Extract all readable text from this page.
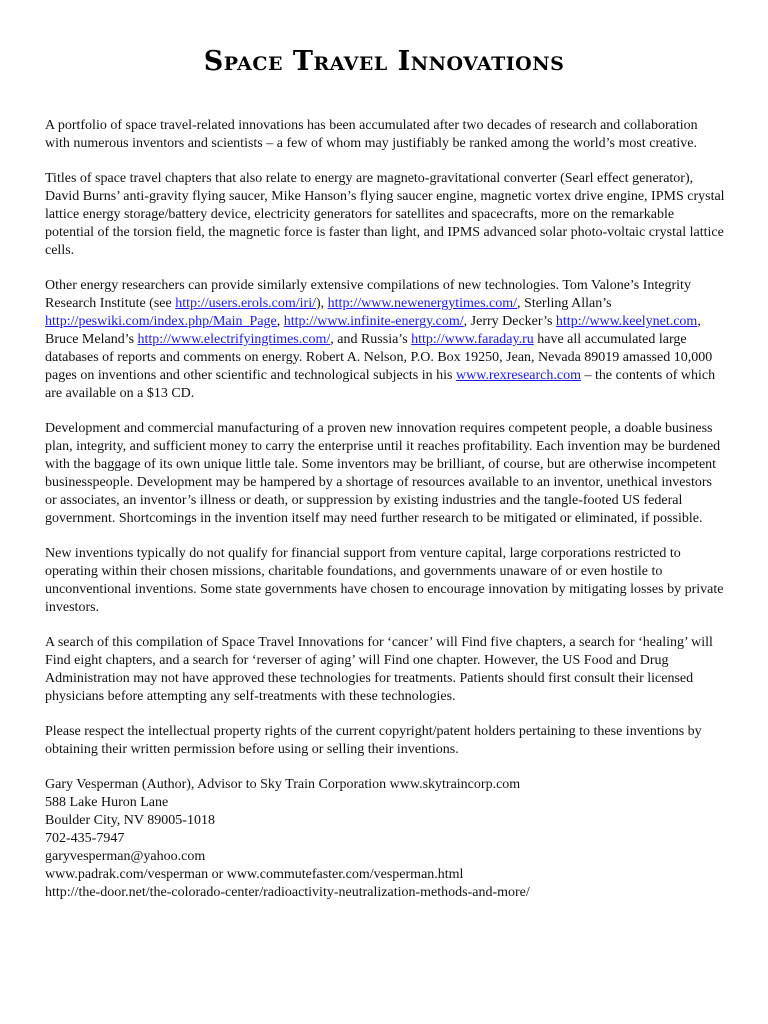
Space Travel Innovations

A portfolio of space travel-related innovations has been accumulated after two decades of research and collaboration with numerous inventors and scientists – a few of whom may justifiably be ranked among the world’s most creative.

Titles of space travel chapters that also relate to energy are magneto-gravitational converter (Searl effect generator), David Burns’ anti-gravity flying saucer, Mike Hanson’s flying saucer engine, magnetic vortex drive engine, IPMS crystal lattice energy storage/battery device, electricity generators for satellites and spacecrafts, more on the remarkable potential of the torsion field, the magnetic force is faster than light, and IPMS advanced solar photo-voltaic crystal lattice cells.

Other energy researchers can provide similarly extensive compilations of new technologies. Tom Valone’s Integrity Research Institute (see http://users.erols.com/iri/), http://www.newenergytimes.com/, Sterling Allan’s http://peswiki.com/index.php/Main_Page, http://www.infinite-energy.com/, Jerry Decker’s http://www.keelynet.com, Bruce Meland’s http://www.electrifyingtimes.com/, and Russia’s http://www.faraday.ru have all accumulated large databases of reports and comments on energy. Robert A. Nelson, P.O. Box 19250, Jean, Nevada 89019 amassed 10,000 pages on inventions and other scientific and technological subjects in his www.rexresearch.com – the contents of which are available on a $13 CD.

Development and commercial manufacturing of a proven new innovation requires competent people, a doable business plan, integrity, and sufficient money to carry the enterprise until it reaches profitability. Each invention may be burdened with the baggage of its own unique little tale. Some inventors may be brilliant, of course, but are otherwise incompetent businesspeople. Development may be hampered by a shortage of resources available to an inventor, unethical investors or associates, an inventor’s illness or death, or suppression by existing industries and the tangle-footed US federal government. Shortcomings in the invention itself may need further research to be mitigated or eliminated, if possible.

New inventions typically do not qualify for financial support from venture capital, large corporations restricted to operating within their chosen missions, charitable foundations, and governments unaware of or even hostile to unconventional inventions. Some state governments have chosen to encourage innovation by mitigating losses by private investors.

A search of this compilation of Space Travel Innovations for ‘cancer’ will Find five chapters, a search for ‘healing’ will Find eight chapters, and a search for ‘reverser of aging’ will Find one chapter. However, the US Food and Drug Administration may not have approved these technologies for treatments. Patients should first consult their licensed physicians before attempting any self-treatments with these technologies.

Please respect the intellectual property rights of the current copyright/patent holders pertaining to these inventions by obtaining their written permission before using or selling their inventions.

Gary Vesperman (Author), Advisor to Sky Train Corporation www.skytraincorp.com
588 Lake Huron Lane
Boulder City, NV 89005-1018
702-435-7947
garyvesperman@yahoo.com
www.padrak.com/vesperman or www.commutefaster.com/vesperman.html
http://the-door.net/the-colorado-center/radioactivity-neutralization-methods-and-more/
